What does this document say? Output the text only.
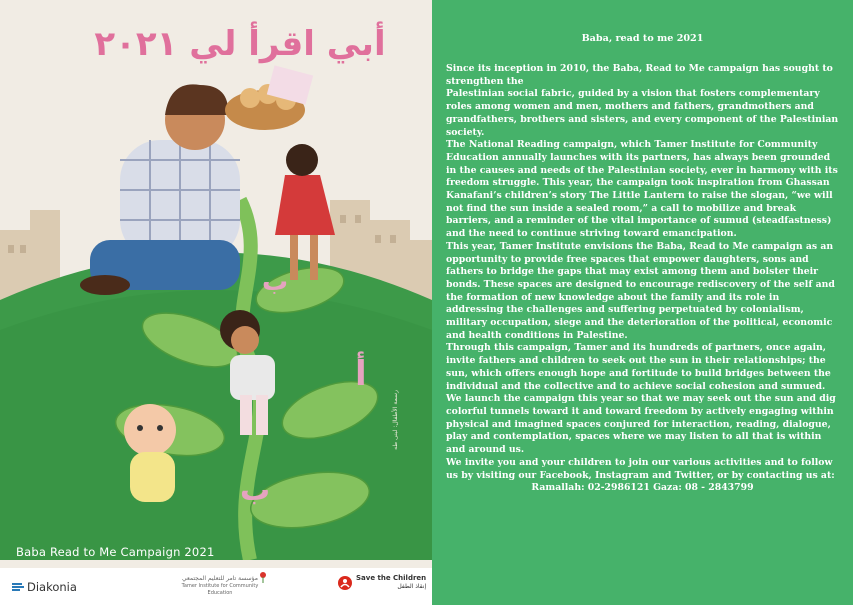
ب
أ
ب
أبي اقرأ لي ٢٠٢١
رسمة الأطفال: لبنى طه
Baba Read to Me Campaign 2021
Diakonia
مؤسسة تامر للتعليم المجتمعي
Tamer Institute for Community Education
Save the Children
إنقاذ الطفل

Baba, read to me 2021

Since its inception in 2010, the Baba, Read to Me campaign has sought to strengthen the

Palestinian social fabric, guided by a vision that fosters complementary roles among women and men, mothers and fathers, grandmothers and grandfathers, brothers and sisters, and every component of the Palestinian society.

The National Reading campaign, which Tamer Institute for Community Education annually launches with its partners, has always been grounded in the causes and needs of the Palestinian society, ever in harmony with its freedom struggle. This year, the campaign took inspiration from Ghassan Kanafani’s children’s story The Little Lantern to raise the slogan, “we will not find the sun inside a sealed room,” a call to mobilize and break barriers, and a reminder of the vital importance of sumud (steadfastness) and the need to continue striving toward emancipation.

This year, Tamer Institute envisions the Baba, Read to Me campaign as an opportunity to provide free spaces that empower daughters, sons and fathers to bridge the gaps that may exist among them and bolster their bonds. These spaces are designed to encourage rediscovery of the self and the formation of new knowledge about the family and its role in addressing the challenges and suffering perpetuated by colonialism, military occupation, siege and the deterioration of the political, economic and health conditions in Palestine.

Through this campaign, Tamer and its hundreds of partners, once again, invite fathers and children to seek out the sun in their relationships; the sun, which offers enough hope and fortitude to build bridges between the individual and the collective and to achieve social cohesion and sumued.

We launch the campaign this year so that we may seek out the sun and dig colorful tunnels toward it and toward freedom by actively engaging within physical and imagined spaces conjured for interaction, reading, dialogue, play and contemplation, spaces where we may listen to all that is within and around us.

We invite you and your children to join our various activities and to follow us by visiting our Facebook, Instagram and Twitter, or by contacting us at:

Ramallah: 02-2986121 Gaza: 08 - 2843799
